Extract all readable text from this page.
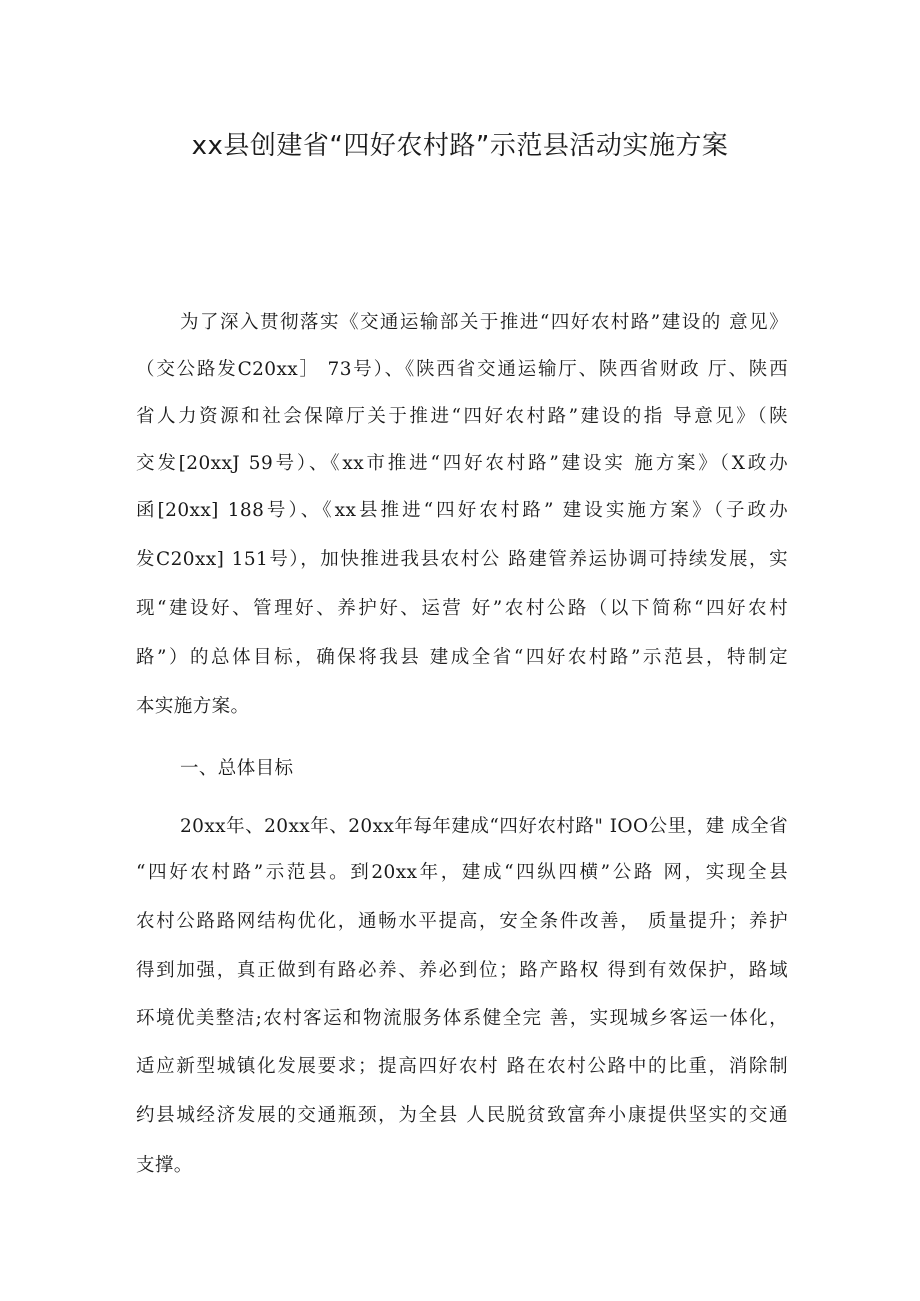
xx县创建省“四好农村路”示范县活动实施方案
为了深入贯彻落实《交通运输部关于推进“四好农村路”建设的 意见》
（交公路发C20xx］ 73号）、《陕西省交通运输厅、陕西省财政 厅、陕西
省人力资源和社会保障厅关于推进“四好农村路”建设的指 导意见》（陕
交发[20xxJ 59号）、《xx市推进“四好农村路”建设实 施方案》（X政办
函[20xx] 188号）、《xx县推进“四好农村路” 建设实施方案》（子政办
发C20xx] 151号），加快推进我县农村公 路建管养运协调可持续发展，实
现“建设好、管理好、养护好、运营 好”农村公路（以下简称“四好农村
路”）的总体目标，确保将我县 建成全省“四好农村路”示范县，特制定
本实施方案。
一、总体目标
20xx年、20xx年、20xx年每年建成“四好农村路" IOO公里，建 成全省
“四好农村路”示范县。到20xx年，建成“四纵四横”公路 网，实现全县
农村公路路网结构优化，通畅水平提高，安全条件改善， 质量提升；养护
得到加强，真正做到有路必养、养必到位；路产路权 得到有效保护，路域
环境优美整洁;农村客运和物流服务体系健全完 善，实现城乡客运一体化，
适应新型城镇化发展要求；提高四好农村 路在农村公路中的比重，消除制
约县城经济发展的交通瓶颈，为全县 人民脱贫致富奔小康提供坚实的交通
支撑。
